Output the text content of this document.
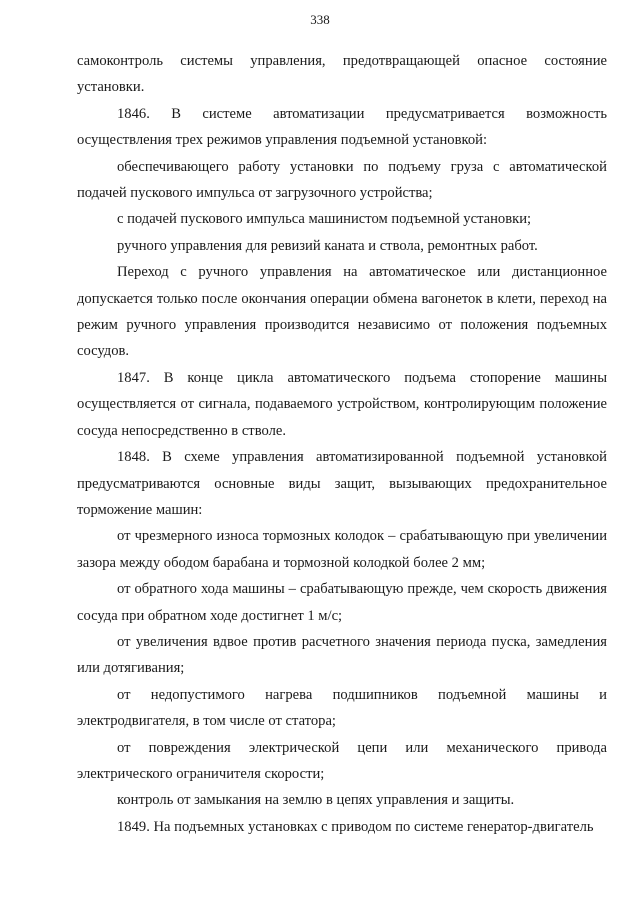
338

самоконтроль системы управления, предотвращающей опасное состояние установки.

1846. В системе автоматизации предусматривается возможность осуществления трех режимов управления подъемной установкой:

обеспечивающего работу установки по подъему груза с автоматической подачей пускового импульса от загрузочного устройства;

с подачей пускового импульса машинистом подъемной установки;

ручного управления для ревизий каната и ствола, ремонтных работ.

Переход с ручного управления на автоматическое или дистанционное допускается только после окончания операции обмена вагонеток в клети, переход на режим ручного управления производится независимо от положения подъемных сосудов.

1847. В конце цикла автоматического подъема стопорение машины осуществляется от сигнала, подаваемого устройством, контролирующим положение сосуда непосредственно в стволе.

1848. В схеме управления автоматизированной подъемной установкой предусматриваются основные виды защит, вызывающих предохранительное торможение машин:

от чрезмерного износа тормозных колодок – срабатывающую при увеличении зазора между ободом барабана и тормозной колодкой более 2 мм;

от обратного хода машины – срабатывающую прежде, чем скорость движения сосуда при обратном ходе достигнет 1 м/с;

от увеличения вдвое против расчетного значения периода пуска, замедления или дотягивания;

от недопустимого нагрева подшипников подъемной машины и электродвигателя, в том числе от статора;

от повреждения электрической цепи или механического привода электрического ограничителя скорости;

контроль от замыкания на землю в цепях управления и защиты.

1849. На подъемных установках с приводом по системе генератор-двигатель
